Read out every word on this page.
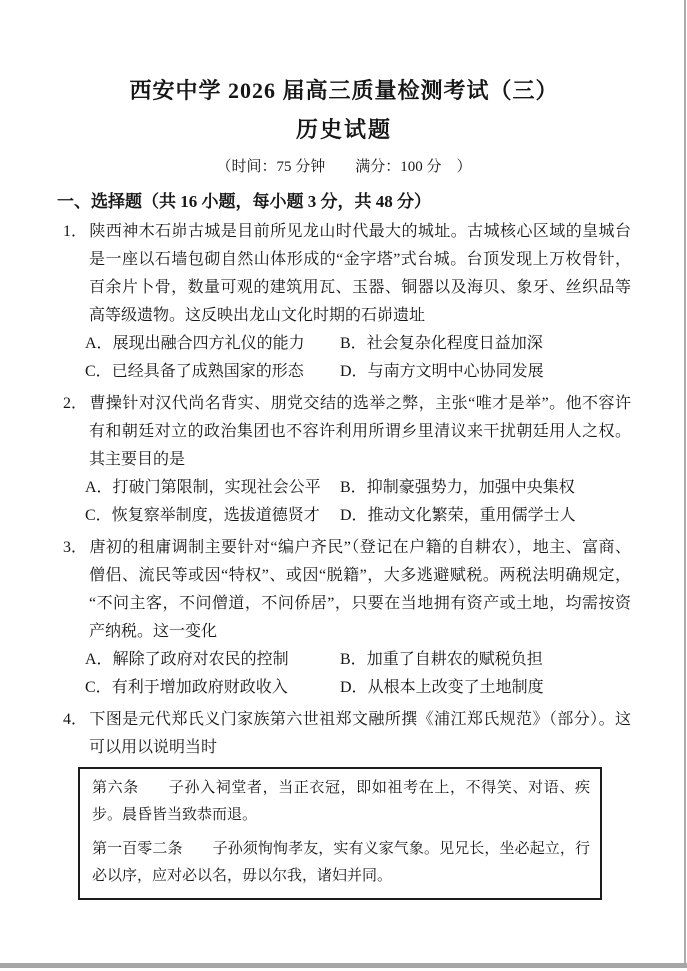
西安中学 2026 届高三质量检测考试（三）
历史试题

（时间：75 分钟　　满分：100 分　）

一、选择题（共 16 小题，每小题 3 分，共 48 分）

1． 陕西神木石峁古城是目前所见龙山时代最大的城址。古城核心区域的皇城台是一座以石墙包砌自然山体形成的“金字塔”式台城。台顶发现上万枚骨针，百余片卜骨，数量可观的建筑用瓦、玉器、铜器以及海贝、象牙、丝织品等高等级遗物。这反映出龙山文化时期的石峁遗址

A．展现出融合四方礼仪的能力	B．社会复杂化程度日益加深

C．已经具备了成熟国家的形态	D．与南方文明中心协同发展

2． 曹操针对汉代尚名背实、朋党交结的选举之弊，主张“唯才是举”。他不容许有和朝廷对立的政治集团也不容许利用所谓乡里清议来干扰朝廷用人之权。其主要目的是

A．打破门第限制，实现社会公平	B．抑制豪强势力，加强中央集权

C．恢复察举制度，选拔道德贤才	D．推动文化繁荣，重用儒学士人

3． 唐初的租庸调制主要针对“编户齐民”（登记在户籍的自耕农），地主、富商、僧侣、流民等或因“特权”、或因“脱籍”，大多逃避赋税。两税法明确规定，“不问主客，不问僧道，不问侨居”，只要在当地拥有资产或土地，均需按资产纳税。这一变化

A．解除了政府对农民的控制	B．加重了自耕农的赋税负担

C．有利于增加政府财政收入	D．从根本上改变了土地制度

4． 下图是元代郑氏义门家族第六世祖郑文融所撰《浦江郑氏规范》（部分）。这可以用以说明当时

第六条 子孙入祠堂者，当正衣冠，即如祖考在上，不得笑、对语、疾步。晨昏皆当致恭而退。

第一百零二条 子孙须恂恂孝友，实有义家气象。见兄长，坐必起立，行必以序，应对必以名，毋以尔我，诸妇并同。
